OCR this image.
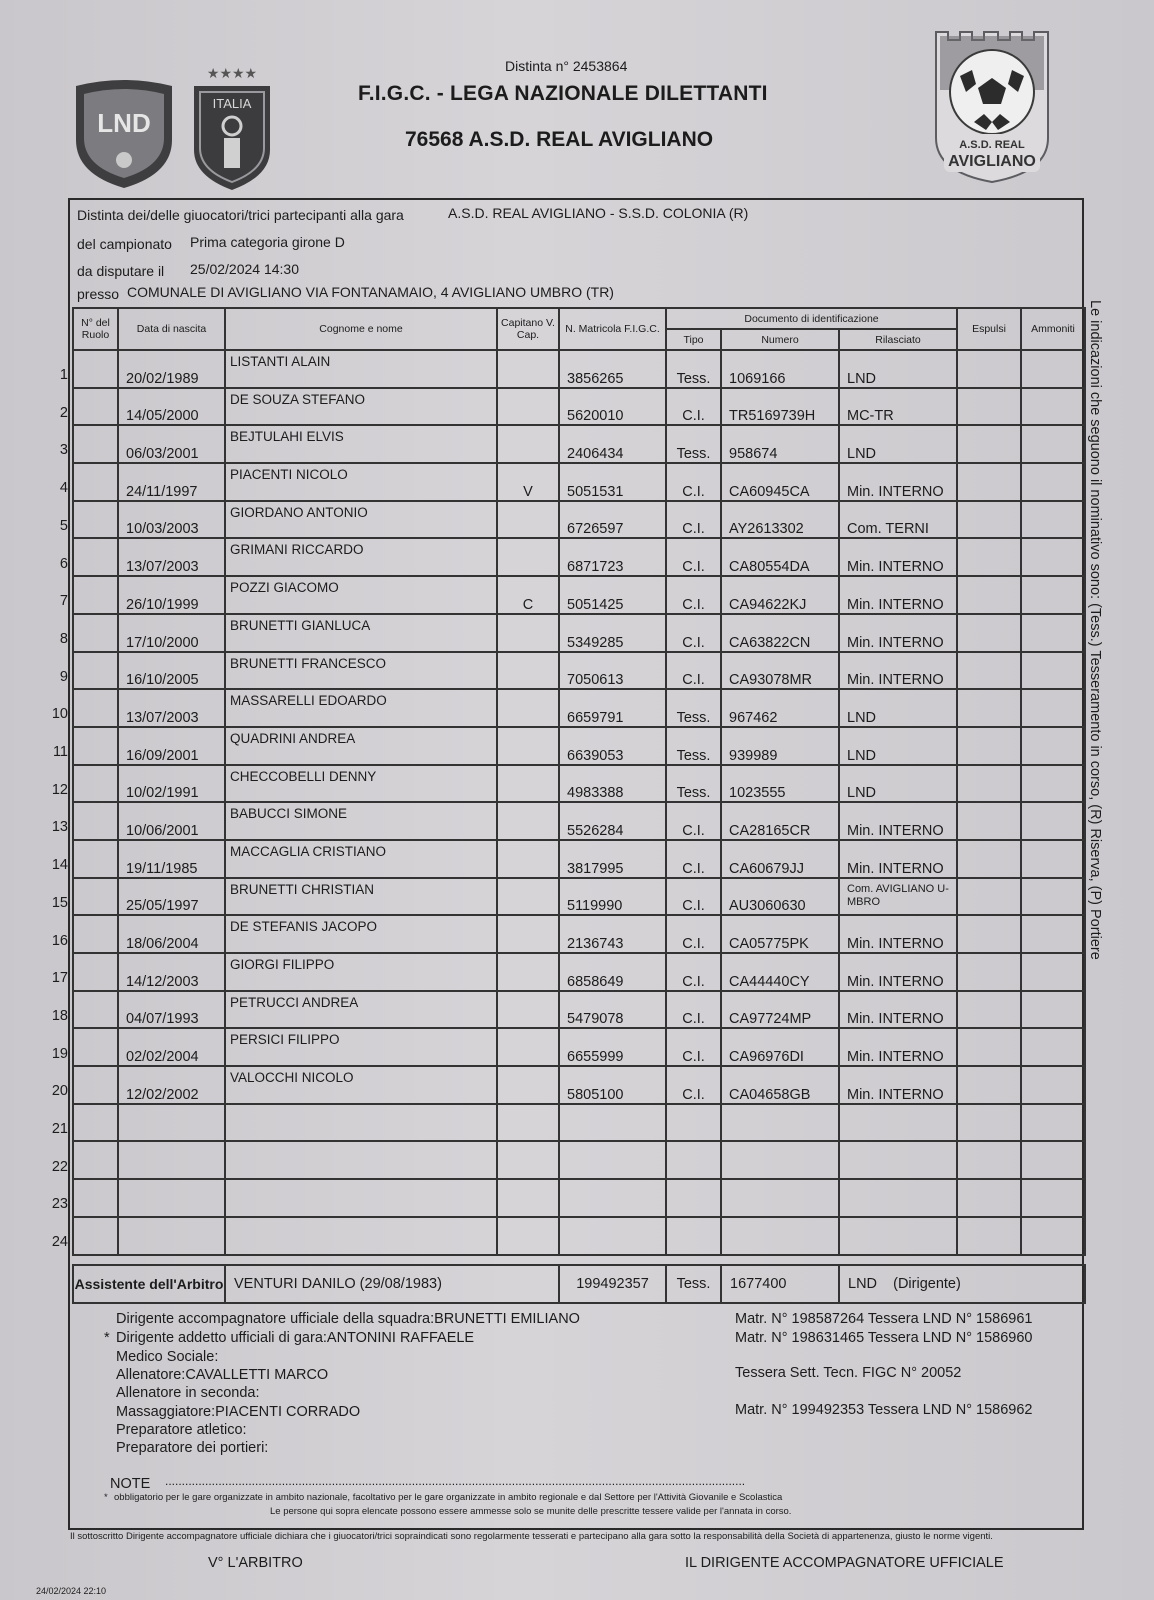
Distinta n° 2453864
F.I.G.C. - LEGA NAZIONALE DILETTANTI
76568 A.S.D. REAL AVIGLIANO
LND
★★★★
ITALIA
A.S.D. REAL
AVIGLIANO
Distinta dei/delle giuocatori/trici partecipanti alla gara	A.S.D. REAL AVIGLIANO - S.S.D. COLONIA (R)
del campionato Prima categoria girone D
da disputare il 25/02/2024 14:30
presso COMUNALE DI AVIGLIANO VIA FONTANAMAIO, 4 AVIGLIANO UMBRO (TR)
1
2
3
4
5
6
7
8
9
10
11
12
13
14
15
16
17
18
19
20
21
22
23
24
N° del Ruolo	Data di nascita	Cognome e nome	Capitano V. Cap.	N. Matricola F.I.G.C.	Documento di identificazione			Espulsi	Ammoniti
					Tipo	Numero	Rilasciato		
	20/02/1989	LISTANTI ALAIN		3856265	Tess.	1069166	LND		
	14/05/2000	DE SOUZA STEFANO		5620010	C.I.	TR5169739H	MC-TR		
	06/03/2001	BEJTULAHI ELVIS		2406434	Tess.	958674	LND		
	24/11/1997	PIACENTI NICOLO	V	5051531	C.I.	CA60945CA	Min. INTERNO		
	10/03/2003	GIORDANO ANTONIO		6726597	C.I.	AY2613302	Com. TERNI		
	13/07/2003	GRIMANI RICCARDO		6871723	C.I.	CA80554DA	Min. INTERNO		
	26/10/1999	POZZI GIACOMO	C	5051425	C.I.	CA94622KJ	Min. INTERNO		
	17/10/2000	BRUNETTI GIANLUCA		5349285	C.I.	CA63822CN	Min. INTERNO		
	16/10/2005	BRUNETTI FRANCESCO		7050613	C.I.	CA93078MR	Min. INTERNO		
	13/07/2003	MASSARELLI EDOARDO		6659791	Tess.	967462	LND		
	16/09/2001	QUADRINI ANDREA		6639053	Tess.	939989	LND		
	10/02/1991	CHECCOBELLI DENNY		4983388	Tess.	1023555	LND		
	10/06/2001	BABUCCI SIMONE		5526284	C.I.	CA28165CR	Min. INTERNO		
	19/11/1985	MACCAGLIA CRISTIANO		3817995	C.I.	CA60679JJ	Min. INTERNO		
	25/05/1997	BRUNETTI CHRISTIAN		5119990	C.I.	AU3060630	Com. AVIGLIANO U-MBRO		
	18/06/2004	DE STEFANIS JACOPO		2136743	C.I.	CA05775PK	Min. INTERNO		
	14/12/2003	GIORGI FILIPPO		6858649	C.I.	CA44440CY	Min. INTERNO		
	04/07/1993	PETRUCCI ANDREA		5479078	C.I.	CA97724MP	Min. INTERNO		
	02/02/2004	PERSICI FILIPPO		6655999	C.I.	CA96976DI	Min. INTERNO		
	12/02/2002	VALOCCHI NICOLO		5805100	C.I.	CA04658GB	Min. INTERNO		

Assistente dell'Arbitro	VENTURI DANILO (29/08/1983)	199492357	Tess.	1677400	LND    (Dirigente)
Dirigente accompagnatore ufficiale della squadra:BRUNETTI EMILIANO	Matr. N° 198587264 Tessera LND N° 1586961
* Dirigente addetto ufficiali di gara:ANTONINI RAFFAELE	Matr. N° 198631465 Tessera LND N° 1586960
Medico Sociale:
Allenatore:CAVALLETTI MARCO	Tessera Sett. Tecn. FIGC N° 20052
Allenatore in seconda:
Massaggiatore:PIACENTI CORRADO	Matr. N° 199492353 Tessera LND N° 1586962
Preparatore atletico:
Preparatore dei portieri:
NOTE ..............................................................................................................................................................................
* obbligatorio per le gare organizzate in ambito nazionale, facoltativo per le gare organizzate in ambito regionale e dal Settore per l'Attività Giovanile e Scolastica
Le persone qui sopra elencate possono essere ammesse solo se munite delle prescritte tessere valide per l'annata in corso.
Il sottoscritto Dirigente accompagnatore ufficiale dichiara che i giuocatori/trici sopraindicati sono regolarmente tesserati e partecipano alla gara sotto la responsabilità della Società di appartenenza, giusto le norme vigenti.
V° L'ARBITRO	IL DIRIGENTE ACCOMPAGNATORE UFFICIALE
24/02/2024 22:10
Le indicazioni che seguono il nominativo sono: (Tess.) Tesseramento in corso, (R) Riserva, (P) Portiere
